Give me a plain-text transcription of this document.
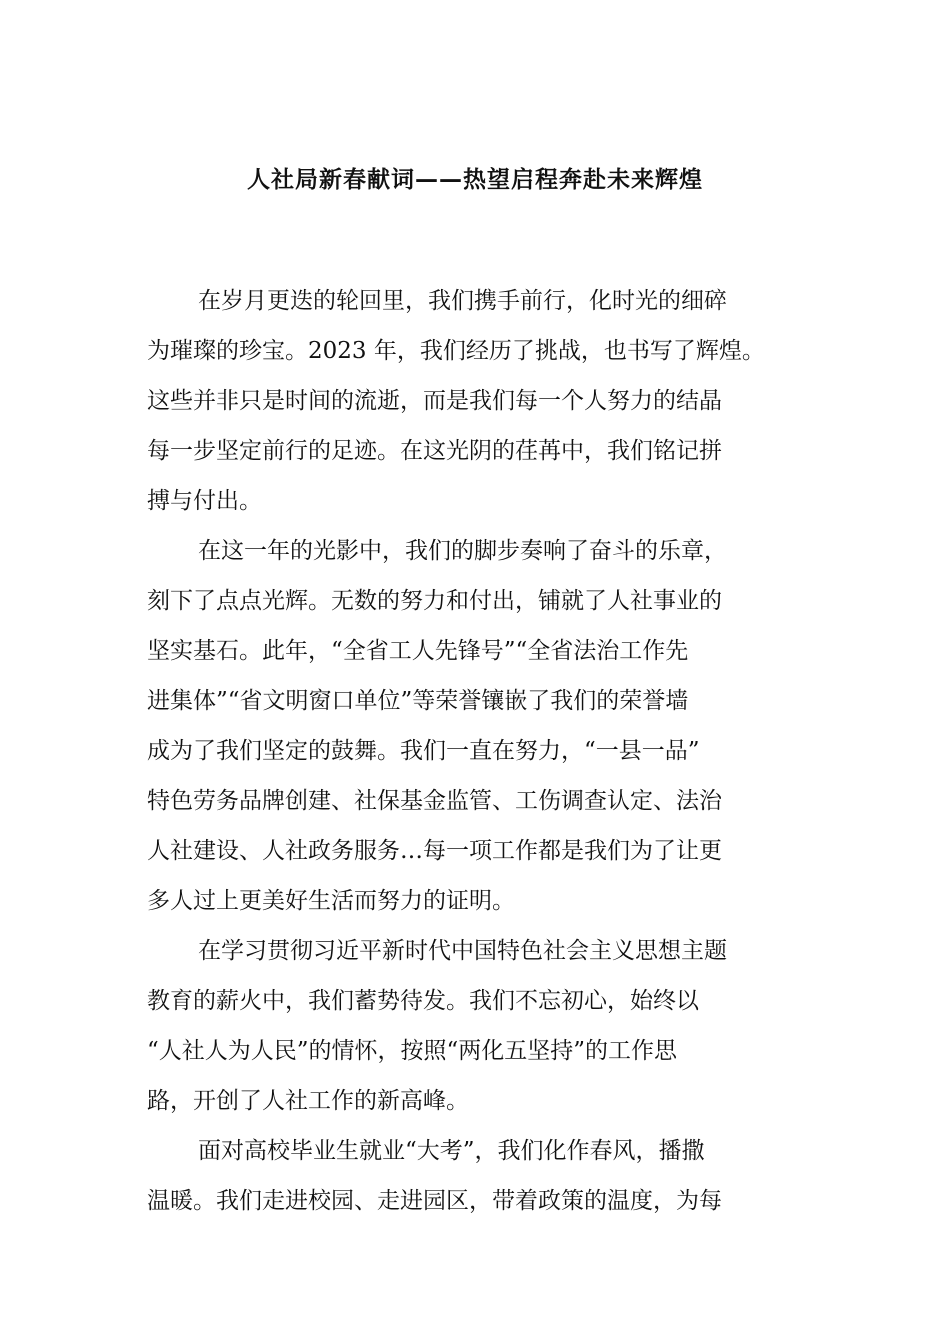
人社局新春献词——热望启程奔赴未来辉煌

在岁月更迭的轮回里，我们携手前行，化时光的细碎
为璀璨的珍宝。2023 年，我们经历了挑战，也书写了辉煌。
这些并非只是时间的流逝，而是我们每一个人努力的结晶
每一步坚定前行的足迹。在这光阴的荏苒中，我们铭记拼
搏与付出。

在这一年的光影中，我们的脚步奏响了奋斗的乐章，
刻下了点点光辉。无数的努力和付出，铺就了人社事业的
坚实基石。此年，“全省工人先锋号”“全省法治工作先
进集体”“省文明窗口单位”等荣誉镶嵌了我们的荣誉墙
成为了我们坚定的鼓舞。我们一直在努力，“一县一品”
特色劳务品牌创建、社保基金监管、工伤调查认定、法治
人社建设、人社政务服务…每一项工作都是我们为了让更
多人过上更美好生活而努力的证明。

在学习贯彻习近平新时代中国特色社会主义思想主题
教育的薪火中，我们蓄势待发。我们不忘初心，始终以
“人社人为人民”的情怀，按照“两化五坚持”的工作思
路，开创了人社工作的新高峰。

面对高校毕业生就业“大考”，我们化作春风，播撒
温暖。我们走进校园、走进园区，带着政策的温度，为每
